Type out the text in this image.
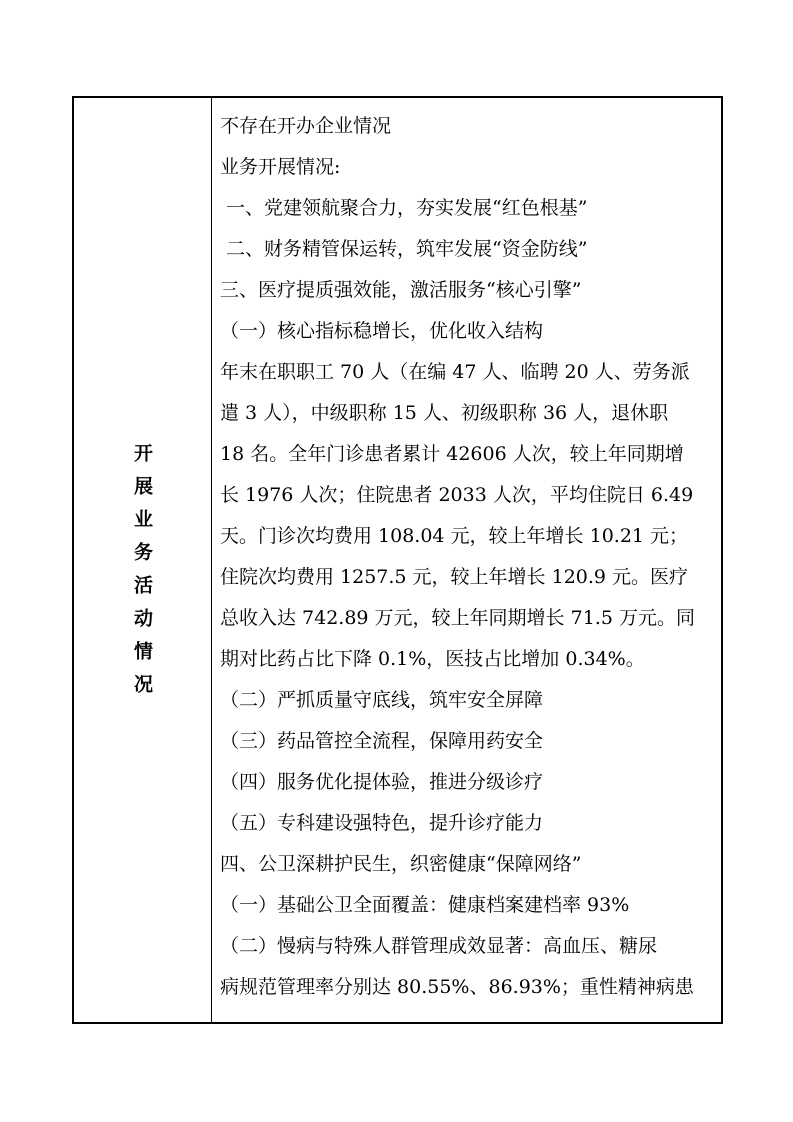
开展业务活动情况

不存在开办企业情况

业务开展情况:

一、党建领航聚合力，夯实发展“红色根基”

二、财务精管保运转，筑牢发展“资金防线”

三、医疗提质强效能，激活服务“核心引擎”

（一）核心指标稳增长，优化收入结构

年末在职职工 70 人（在编 47 人、临聘 20 人、劳务派

遣 3 人），中级职称 15 人、初级职称 36 人，退休职

18 名。全年门诊患者累计 42606 人次，较上年同期增

长 1976 人次；住院患者 2033 人次，平均住院日 6.49

天。门诊次均费用 108.04 元，较上年增长 10.21 元；

住院次均费用 1257.5 元，较上年增长 120.9 元。医疗

总收入达 742.89 万元，较上年同期增长 71.5 万元。同

期对比药占比下降 0.1%，医技占比增加 0.34%。

（二）严抓质量守底线，筑牢安全屏障

（三）药品管控全流程，保障用药安全

（四）服务优化提体验，推进分级诊疗

（五）专科建设强特色，提升诊疗能力

四、公卫深耕护民生，织密健康“保障网络”

（一）基础公卫全面覆盖：健康档案建档率 93%

（二）慢病与特殊人群管理成效显著：高血压、糖尿

病规范管理率分别达 80.55%、86.93%；重性精神病患
